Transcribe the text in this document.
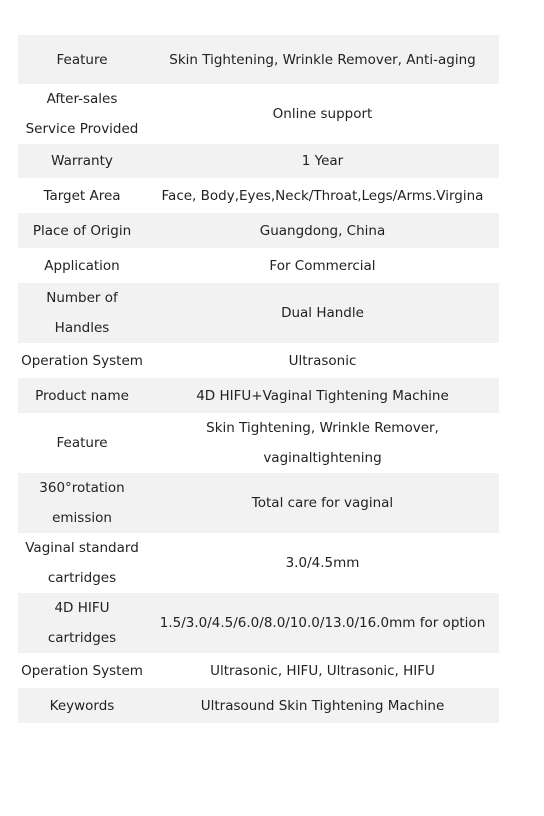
Feature	Skin Tightening, Wrinkle Remover, Anti-aging
After-sales Service Provided	Online support
Warranty	1 Year
Target Area	Face, Body,Eyes,Neck/Throat,Legs/Arms.Virgina
Place of Origin	Guangdong, China
Application	For Commercial
Number of Handles	Dual Handle
Operation System	Ultrasonic
Product name	4D HIFU+Vaginal Tightening Machine
Feature	Skin Tightening, Wrinkle Remover, vaginaltightening
360°rotation emission	Total care for vaginal
Vaginal standard cartridges	3.0/4.5mm
4D HIFU cartridges	1.5/3.0/4.5/6.0/8.0/10.0/13.0/16.0mm for option
Operation System	Ultrasonic, HIFU, Ultrasonic, HIFU
Keywords	Ultrasound Skin Tightening Machine
